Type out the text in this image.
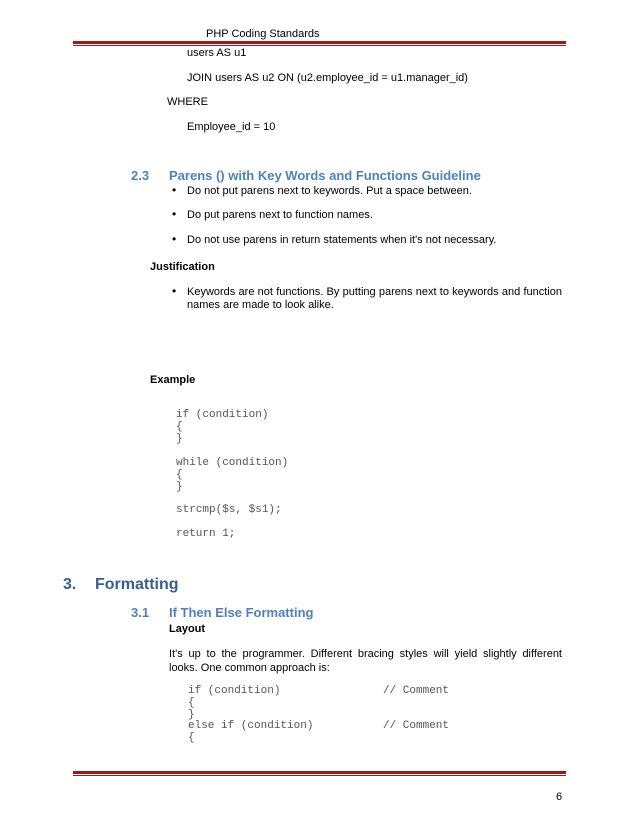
PHP Coding Standards
users AS u1
JOIN users AS u2 ON (u2.employee_id = u1.manager_id)
WHERE
Employee_id = 10
2.3 Parens () with Key Words and Functions Guideline
• Do not put parens next to keywords. Put a space between.
• Do put parens next to function names.
• Do not use parens in return statements when it's not necessary.
Justification
• Keywords are not functions. By putting parens next to keywords and function names are made to look alike.
Example
if (condition)
{
}
while (condition)
{
}
strcmp($s, $s1);
return 1;
3. Formatting
3.1 If Then Else Formatting
Layout
It's up to the programmer. Different bracing styles will yield slightly different looks. One common approach is:
if (condition)	// Comment
{
}
else if (condition)	// Comment
{
6
